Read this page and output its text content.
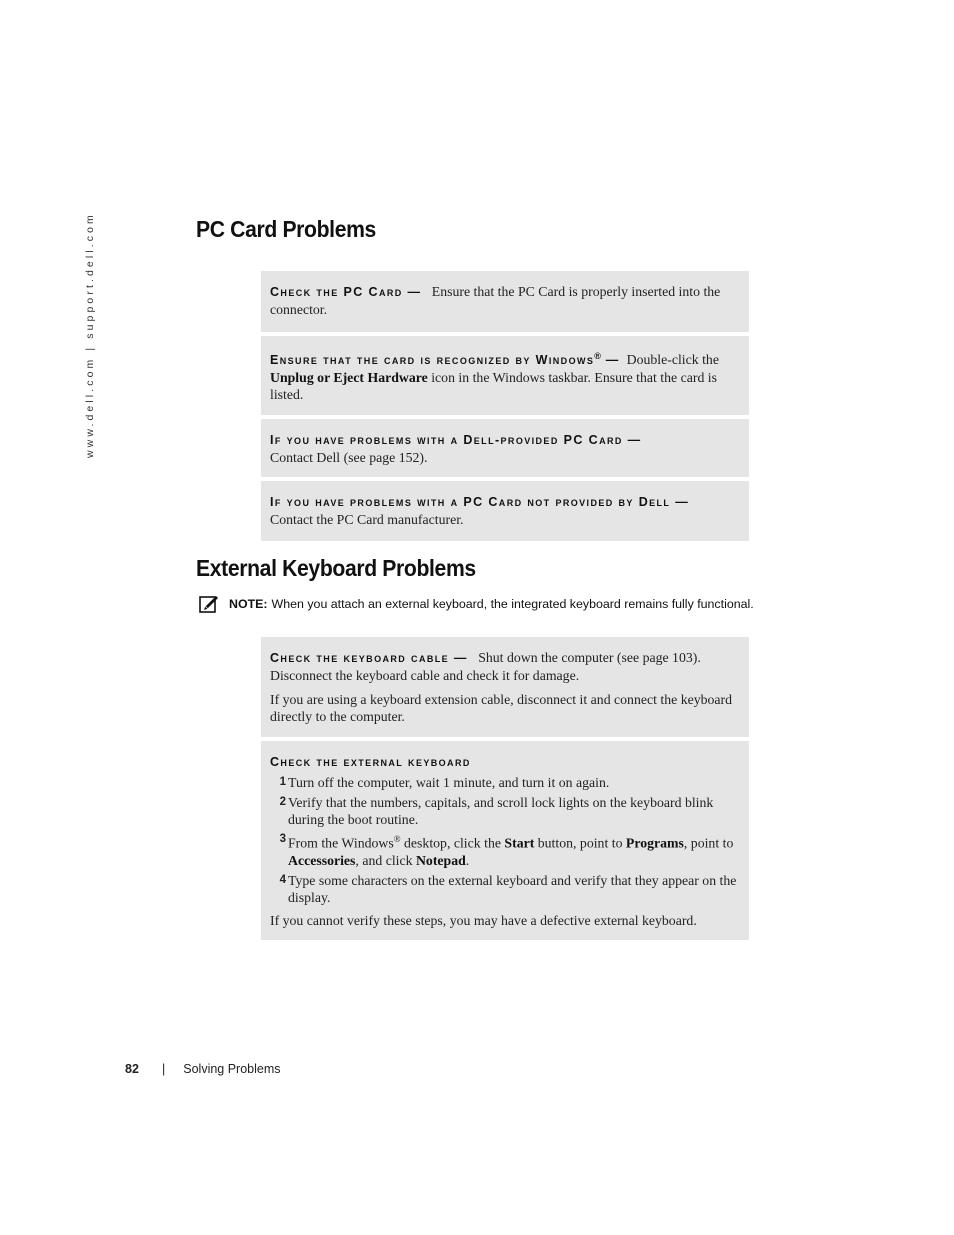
www.dell.com | support.dell.com	PC Card Problems

Check the PC Card — Ensure that the PC Card is properly inserted into the connector.

Ensure that the card is recognized by Windows® — Double-click the Unplug or Eject Hardware icon in the Windows taskbar. Ensure that the card is listed.

If you have problems with a Dell-provided PC Card —
Contact Dell (see page 152).

If you have problems with a PC Card not provided by Dell —   Contact the PC Card manufacturer.

External Keyboard Problems
NOTE: When you attach an external keyboard, the integrated keyboard remains fully functional.

Check the keyboard cable — Shut down the computer (see page 103). Disconnect the keyboard cable and check it for damage.

If you are using a keyboard extension cable, disconnect it and connect the keyboard directly to the computer.

Check the external keyboard

1 Turn off the computer, wait 1 minute, and turn it on again.
2 Verify that the numbers, capitals, and scroll lock lights on the keyboard blink during the boot routine.
3 From the Windows® desktop, click the Start button, point to Programs, point to Accessories, and click Notepad.
4 Type some characters on the external keyboard and verify that they appear on the display.

If you cannot verify these steps, you may have a defective external keyboard.

82	| Solving Problems
